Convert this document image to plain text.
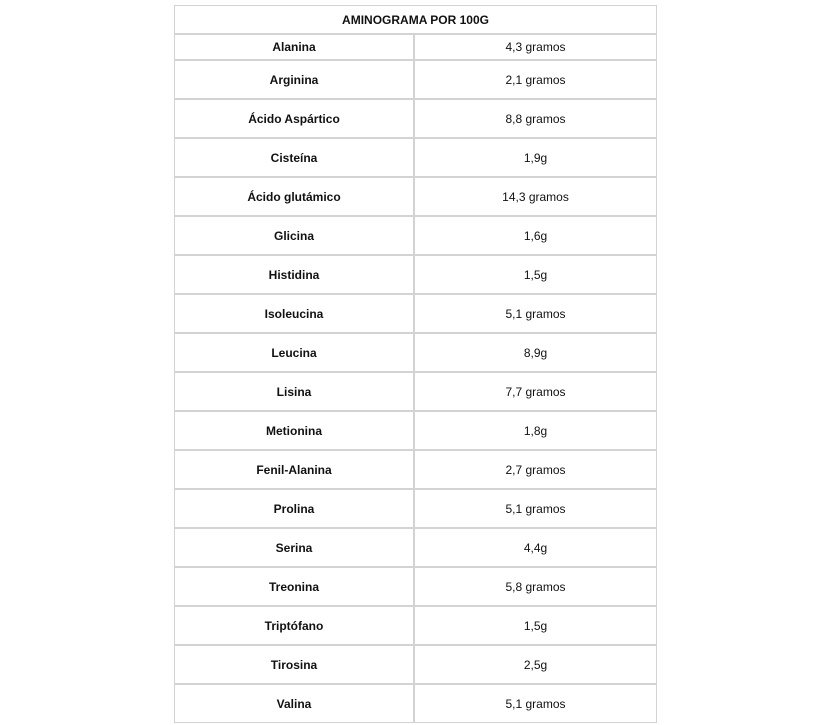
AMINOGRAMA POR 100G	
Alanina	4,3 gramos
Arginina	2,1 gramos
Ácido Aspártico	8,8 gramos
Cisteína	1,9g
Ácido glutámico	14,3 gramos
Glicina	1,6g
Histidina	1,5g
Isoleucina	5,1 gramos
Leucina	8,9g
Lisina	7,7 gramos
Metionina	1,8g
Fenil-Alanina	2,7 gramos
Prolina	5,1 gramos
Serina	4,4g
Treonina	5,8 gramos
Triptófano	1,5g
Tirosina	2,5g
Valina	5,1 gramos
